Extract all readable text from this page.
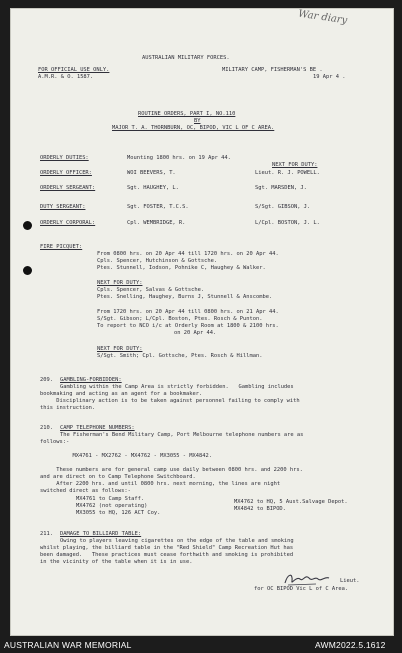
War diary
AUSTRALIAN MILITARY FORCES.
FOR OFFICIAL USE ONLY.
A.M.R. & O. 1587.
MILITARY CAMP, FISHERMAN'S BE .
19 Apr 4 .
ROUTINE ORDERS, PART I, NO.110
BY
MAJOR T. A. THORNBURN, OC, BIPOD, VIC L OF C AREA.
ORDERLY DUTIES:	Mounting 1800 hrs. on 19 Apr 44.
NEXT FOR DUTY:
ORDERLY OFFICER:	WOI BEEVERS, T.	Lieut. R. J. POWELL.
ORDERLY SERGEANT:	Sgt. HAUGHEY, L.	Sgt. MARSDEN, J.
DUTY SERGEANT:	Sgt. FOSTER, T.C.S.	S/Sgt. GIBSON, J.
ORDERLY CORPORAL:	Cpl. WEMBRIDGE, R.	L/Cpl. BOSTON, J. L.
FIRE PICQUET:
From 0800 hrs. on 20 Apr 44 till 1720 hrs. on 20 Apr 44.
Cpls. Spencer, Hutchinson & Gottsche.
Ptes. Stunnell, Iodson, Pohnike C, Haughey & Walker.
NEXT FOR DUTY:
Cpls. Spencer, Salvas & Gottsche.
Ptes. Snelling, Haughey, Burns J, Stunnell & Anscombe.
From 1720 hrs. on 20 Apr 44 till 0800 hrs. on 21 Apr 44.
S/Sgt. Gibson; L/Cpl. Boston, Ptes. Rosch & Punton.
To report to NCO i/c at Orderly Room at 1800 & 2100 hrs.
on 20 Apr 44.
NEXT FOR DUTY:
S/Sgt. Smith; Cpl. Gottsche, Ptes. Rosch & Hillman.
209. GAMBLING-FORBIDDEN:
Gambling within the Camp Area is strictly forbidden.   Gambling includes
bookmaking and acting as an agent for a bookmaker.
Disciplinary action is to be taken against personnel failing to comply with
this instruction.
210. CAMP TELEPHONE NUMBERS:
The Fisherman's Bend Military Camp, Port Melbourne telephone numbers are as
follows:-
MX4761 - MX2762 - MX4762 - MX3055 - MX4842.
These numbers are for general camp use daily between 0800 hrs. and 2200 hrs.
and are direct on to Camp Telephone Switchboard.
After 2200 hrs. and until 0800 hrs. next morning, the lines are night
switched direct as follows:-
MX4761 to Camp Staff.
MX4762 (not operating)
MX3055 to HQ, 126 ACT Coy.
MX4762 to HQ, 5 Aust.Salvage Depot.
MX4842 to BIPOD.
211. DAMAGE TO BILLIARD TABLE:
Owing to players leaving cigarettes on the edge of the table and smoking
whilst playing, the billiard table in the "Red Shield" Camp Recreation Hut has
been damaged.   These practices must cease forthwith and smoking is prohibited
in the vicinity of the table when it is in use.
Lieut.
for OC BIPOD Vic L of C Area.
AUSTRALIAN WAR MEMORIAL	AWM2022.5.1612
